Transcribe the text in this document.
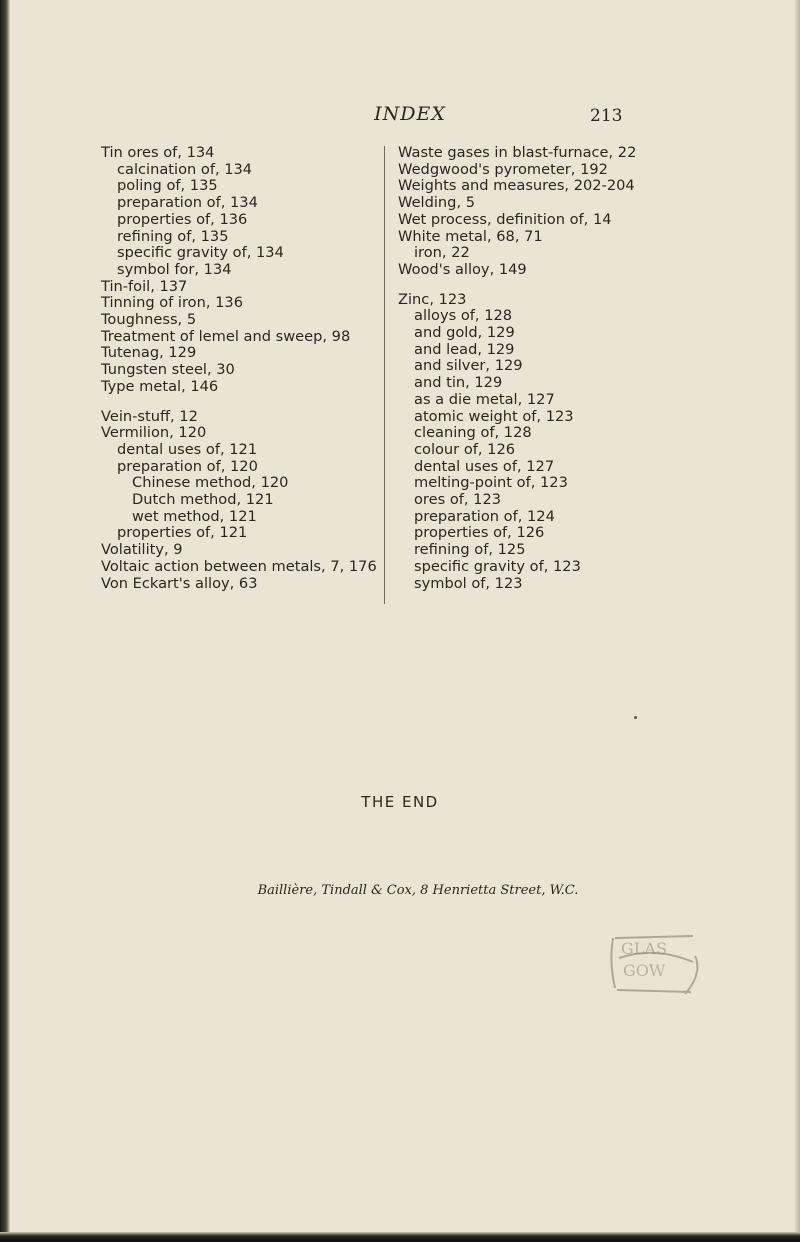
INDEX	213
Tin ores of, 134
calcination of, 134
poling of, 135
preparation of, 134
properties of, 136
refining of, 135
specific gravity of, 134
symbol for, 134
Tin-foil, 137
Tinning of iron, 136
Toughness, 5
Treatment of lemel and sweep, 98
Tutenag, 129
Tungsten steel, 30
Type metal, 146
Vein-stuff, 12
Vermilion, 120
dental uses of, 121
preparation of, 120
Chinese method, 120
Dutch method, 121
wet method, 121
properties of, 121
Volatility, 9
Voltaic action between metals, 7, 176
Von Eckart's alloy, 63
Waste gases in blast-furnace, 22
Wedgwood's pyrometer, 192
Weights and measures, 202-204
Welding, 5
Wet process, definition of, 14
White metal, 68, 71
iron, 22
Wood's alloy, 149
Zinc, 123
alloys of, 128
and gold, 129
and lead, 129
and silver, 129
and tin, 129
as a die metal, 127
atomic weight of, 123
cleaning of, 128
colour of, 126
dental uses of, 127
melting-point of, 123
ores of, 123
preparation of, 124
properties of, 126
refining of, 125
specific gravity of, 123
symbol of, 123
THE END
Baillière, Tindall & Cox, 8 Henrietta Street, W.C.
GLAS
GOW
